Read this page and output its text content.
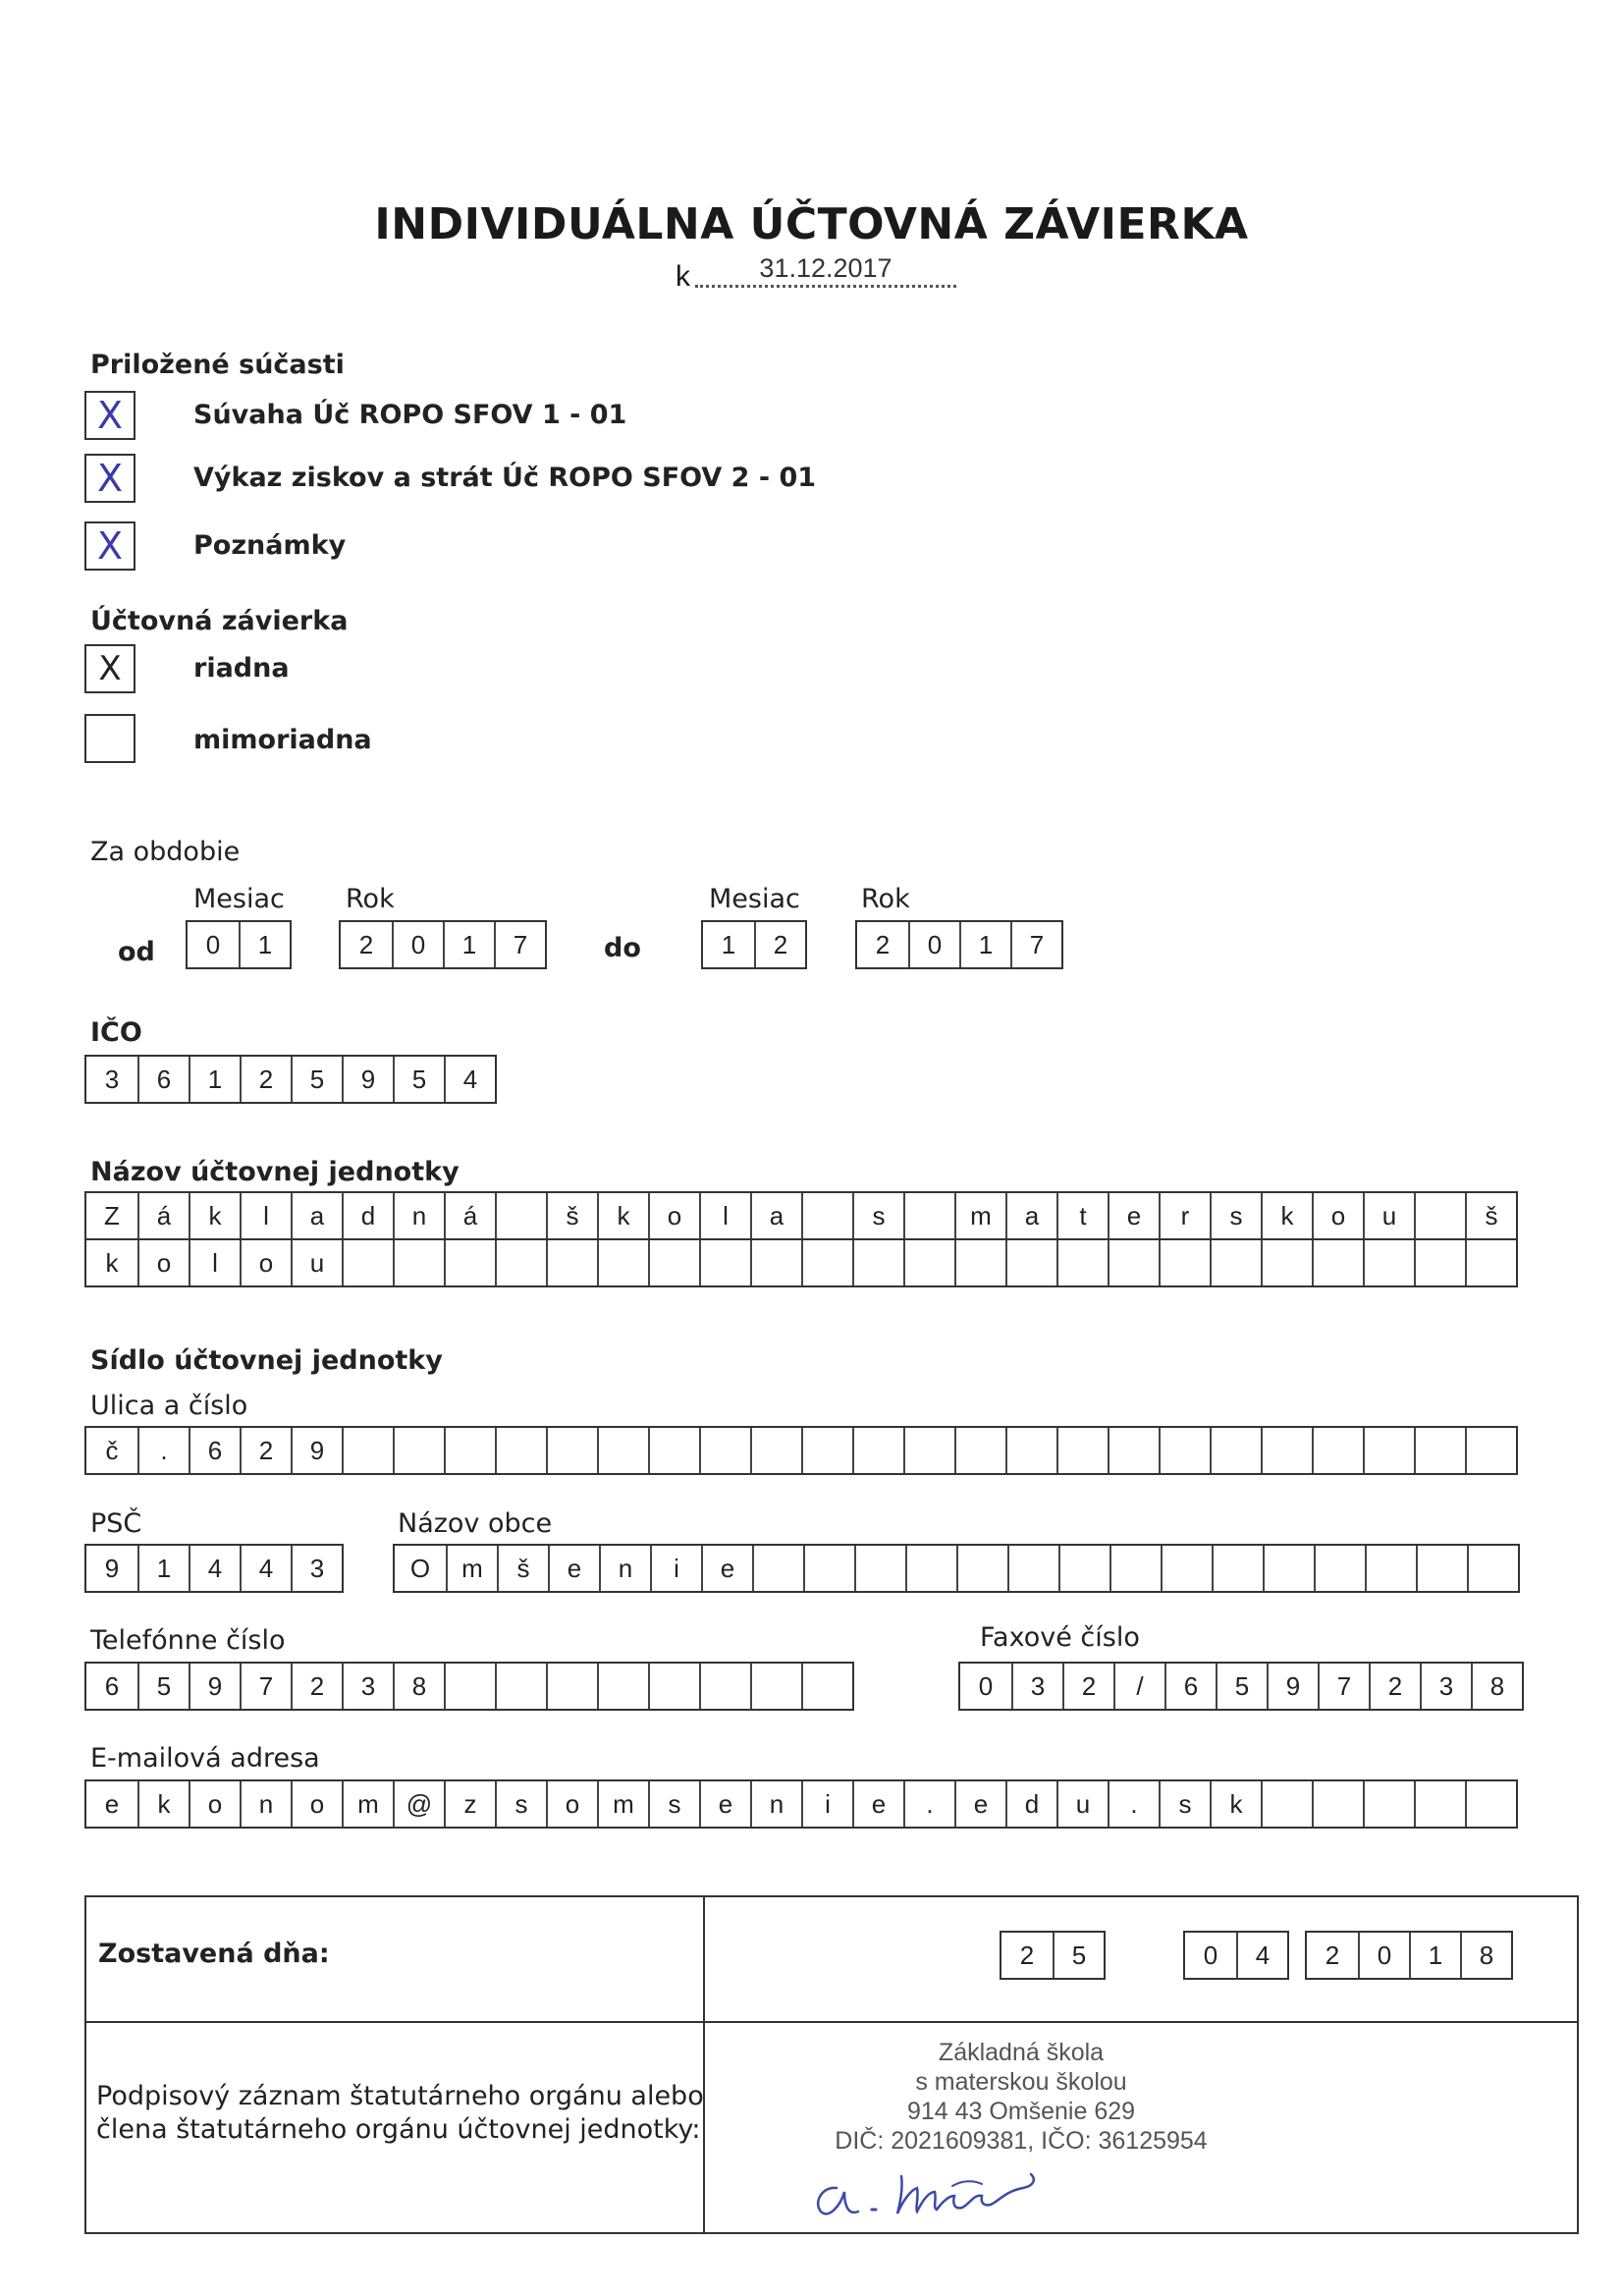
INDIVIDUÁLNA ÚČTOVNÁ ZÁVIERKA
k	31.12.2017
Priložené súčasti
X	Súvaha Úč ROPO SFOV 1 - 01
X	Výkaz ziskov a strát Úč ROPO SFOV 2 - 01
X	Poznámky
Účtovná závierka
X	riadna
mimoriadna
Za obdobie
Mesiac Rok	Mesiac Rok
od	0	1	2	0	1	7	do	1	2	2	0	1	7
IČO
3	6	1	2	5	9	5	4
Názov účtovnej jednotky
Z	á	k	l	a	d	n	á	š	k	o	l	a	s	m	a	t	e	r	s	k	o	u	š
k	o	l	o	u
Sídlo účtovnej jednotky
Ulica a číslo
č	.	6	2	9
PSČ	Názov obce
9	1	4	4	3	O	m	š	e	n	i	e
Telefónne číslo	Faxové číslo
6	5	9	7	2	3	8	0	3	2	/	6	5	9	7	2	3	8
E-mailová adresa
e	k	o	n	o	m	@	z	s	o	m	s	e	n	i	e	.	e	d	u	.	s	k
Zostavená dňa:	2	5	0	4	2	0	1	8
Podpisový záznam štatutárneho orgánu alebo
člena štatutárneho orgánu účtovnej jednotky:
Základná škola
s materskou školou
914 43 Omšenie 629
DIČ: 2021609381, IČO: 36125954
